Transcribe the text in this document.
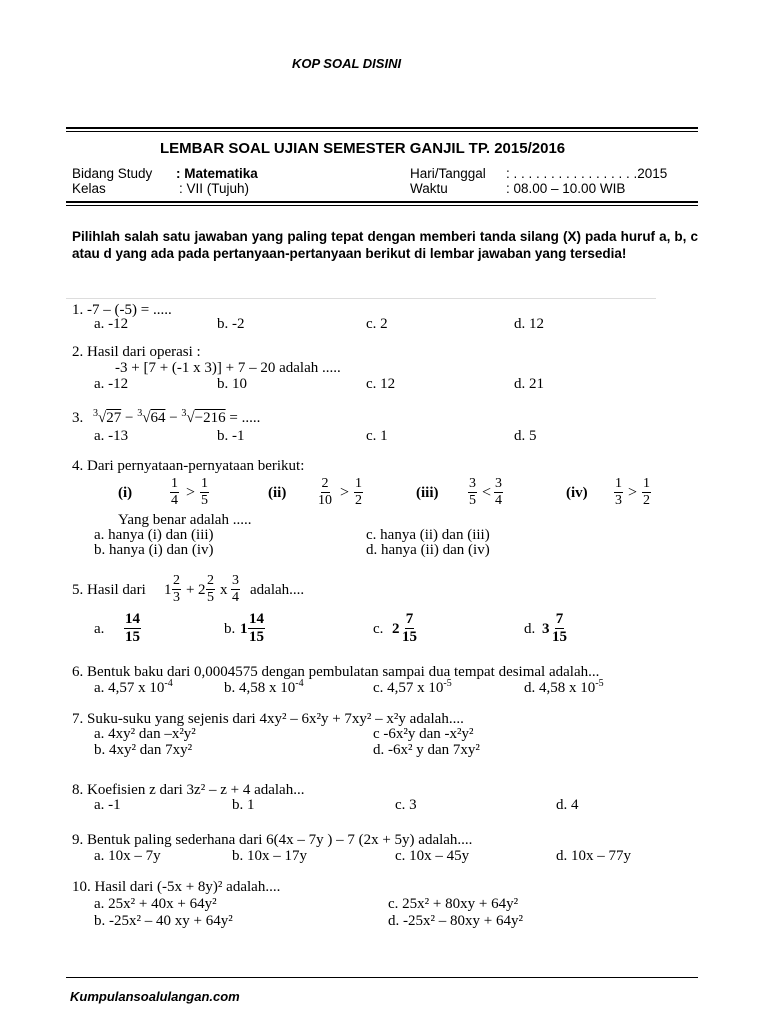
KOP SOAL DISINI
LEMBAR SOAL UJIAN SEMESTER GANJIL TP. 2015/2016
Bidang Study : Matematika
Kelas	: VII (Tujuh)
Hari/Tanggal : . . . . . . . . . . . . . . . . .2015
Waktu	: 08.00 – 10.00 WIB
Pilihlah salah satu jawaban yang paling tepat dengan memberi tanda silang (X) pada huruf a, b, c atau d yang ada pada pertanyaan-pertanyaan berikut di lembar jawaban yang tersedia!
1. -7 – (-5) = .....
a. -12	b. -2	c. 2	d. 12
2. Hasil dari operasi :
-3 + [7 + (-1 x 3)] + 7 – 20 adalah .....
a. -12	b. 10	c. 12	d. 21
3. $^3$√27 − $^3$√64 − $^3$√−216 = .....
a. -13	b. -1	c. 1	d. 5
4. Dari pernyataan-pernyataan berikut:
(i)	$\frac{1}{4} > \frac{1}{5}$	$(ii) \frac{2}{10} > \frac{1}{2}$	$(iii) \frac{3}{5} < \frac{3}{4}$	$(iv) \frac{1}{3} > \frac{1}{2}$
Yang benar adalah .....
a. hanya (i) dan (iii)
b. hanya (i) dan (iv)
c. hanya (ii) dan (iii)
d. hanya (ii) dan (iv)
5. Hasil dari $1 \frac{2}{3} + 2 \frac{2}{5}$ x $\frac{3}{4}$ adalah....
a. $\frac{14}{15}$	b. $1 \frac{14}{15}$	c. $2 \frac{7}{15}$	d. $3 \frac{7}{15}$
6. Bentuk baku dari 0,0004575 dengan pembulatan sampai dua tempat desimal adalah...
a. 4,57 x $10^{-4}$	b. 4,58 x $10^{-4}$	c. 4,57 x $10^{-5}$	d. 4,58 x $10^{-5}$
7. Suku-suku yang sejenis dari 4xy² – 6x²y + 7xy² – x²y adalah....
a. 4xy² dan –x²y²
b. 4xy² dan 7xy²
c -6x²y dan -x²y²
d. -6x² y dan 7xy²
8. Koefisien z dari 3z² – z + 4 adalah...
a. -1	b. 1	c. 3	d. 4
9. Bentuk paling sederhana dari 6(4x – 7y ) – 7 (2x + 5y) adalah....
a. 10x – 7y	b. 10x – 17y	c. 10x – 45y	d. 10x – 77y
10. Hasil dari (-5x + 8y)² adalah....
a. 25x² + 40x + 64y²
b. -25x² – 40 xy + 64y²
c. 25x² + 80xy + 64y²
d. -25x² – 80xy + 64y²
Kumpulansoalulangan.com
